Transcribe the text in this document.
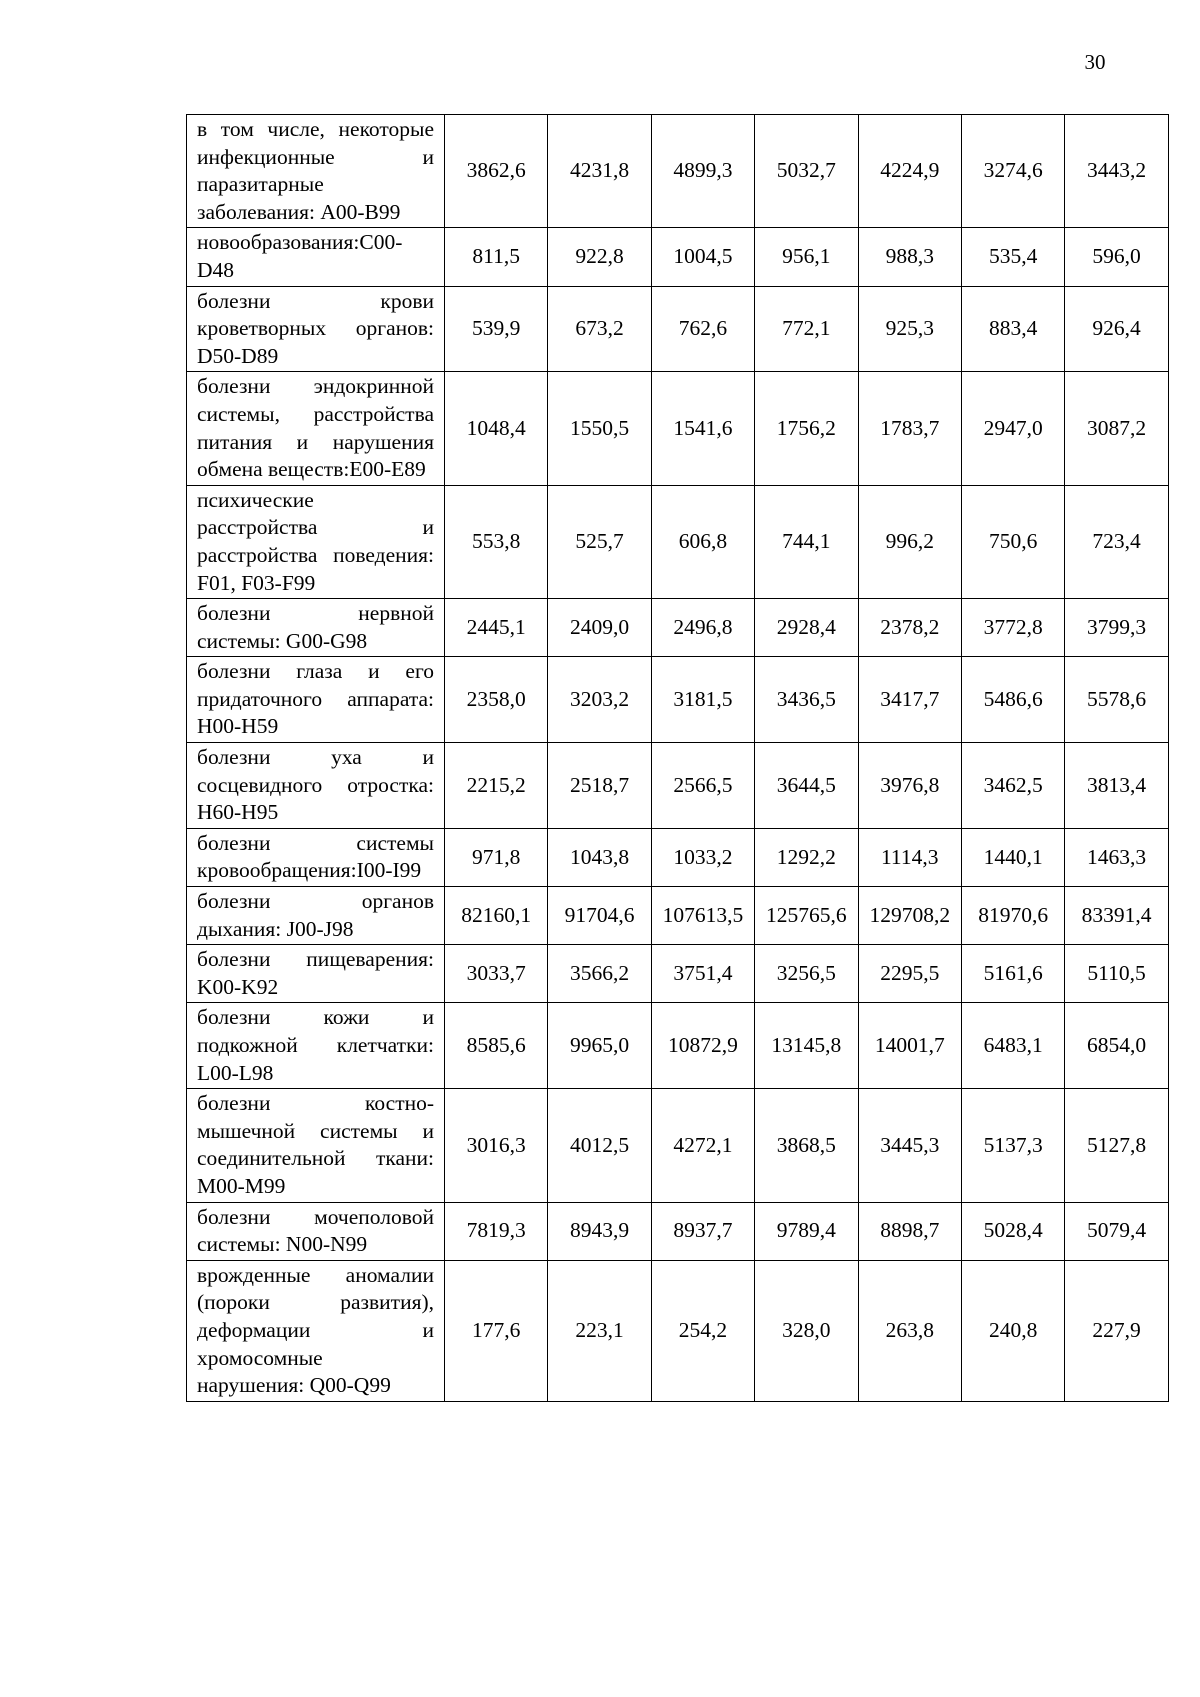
30
в том числе, некоторые инфекционные и паразитарные заболевания: A00-B99	3862,6	4231,8	4899,3	5032,7	4224,9	3274,6	3443,2
новообразования:C00-D48	811,5	922,8	1004,5	956,1	988,3	535,4	596,0
болезни крови кроветворных органов: D50-D89	539,9	673,2	762,6	772,1	925,3	883,4	926,4
болезни эндокринной системы, расстройства питания и нарушения обмена веществ:E00-E89	1048,4	1550,5	1541,6	1756,2	1783,7	2947,0	3087,2
психические расстройства и расстройства поведения: F01, F03-F99	553,8	525,7	606,8	744,1	996,2	750,6	723,4
болезни нервной системы: G00-G98	2445,1	2409,0	2496,8	2928,4	2378,2	3772,8	3799,3
болезни глаза и его придаточного аппарата: H00-H59	2358,0	3203,2	3181,5	3436,5	3417,7	5486,6	5578,6
болезни уха и сосцевидного отростка: H60-H95	2215,2	2518,7	2566,5	3644,5	3976,8	3462,5	3813,4
болезни системы кровообращения:I00-I99	971,8	1043,8	1033,2	1292,2	1114,3	1440,1	1463,3
болезни органов дыхания: J00-J98	82160,1	91704,6	107613,5	125765,6	129708,2	81970,6	83391,4
болезни пищеварения: K00-K92	3033,7	3566,2	3751,4	3256,5	2295,5	5161,6	5110,5
болезни кожи и подкожной клетчатки: L00-L98	8585,6	9965,0	10872,9	13145,8	14001,7	6483,1	6854,0
болезни костно-мышечной системы и соединительной ткани: M00-M99	3016,3	4012,5	4272,1	3868,5	3445,3	5137,3	5127,8
болезни мочеполовой системы: N00-N99	7819,3	8943,9	8937,7	9789,4	8898,7	5028,4	5079,4
врожденные аномалии (пороки развития), деформации и хромосомные нарушения: Q00-Q99	177,6	223,1	254,2	328,0	263,8	240,8	227,9
